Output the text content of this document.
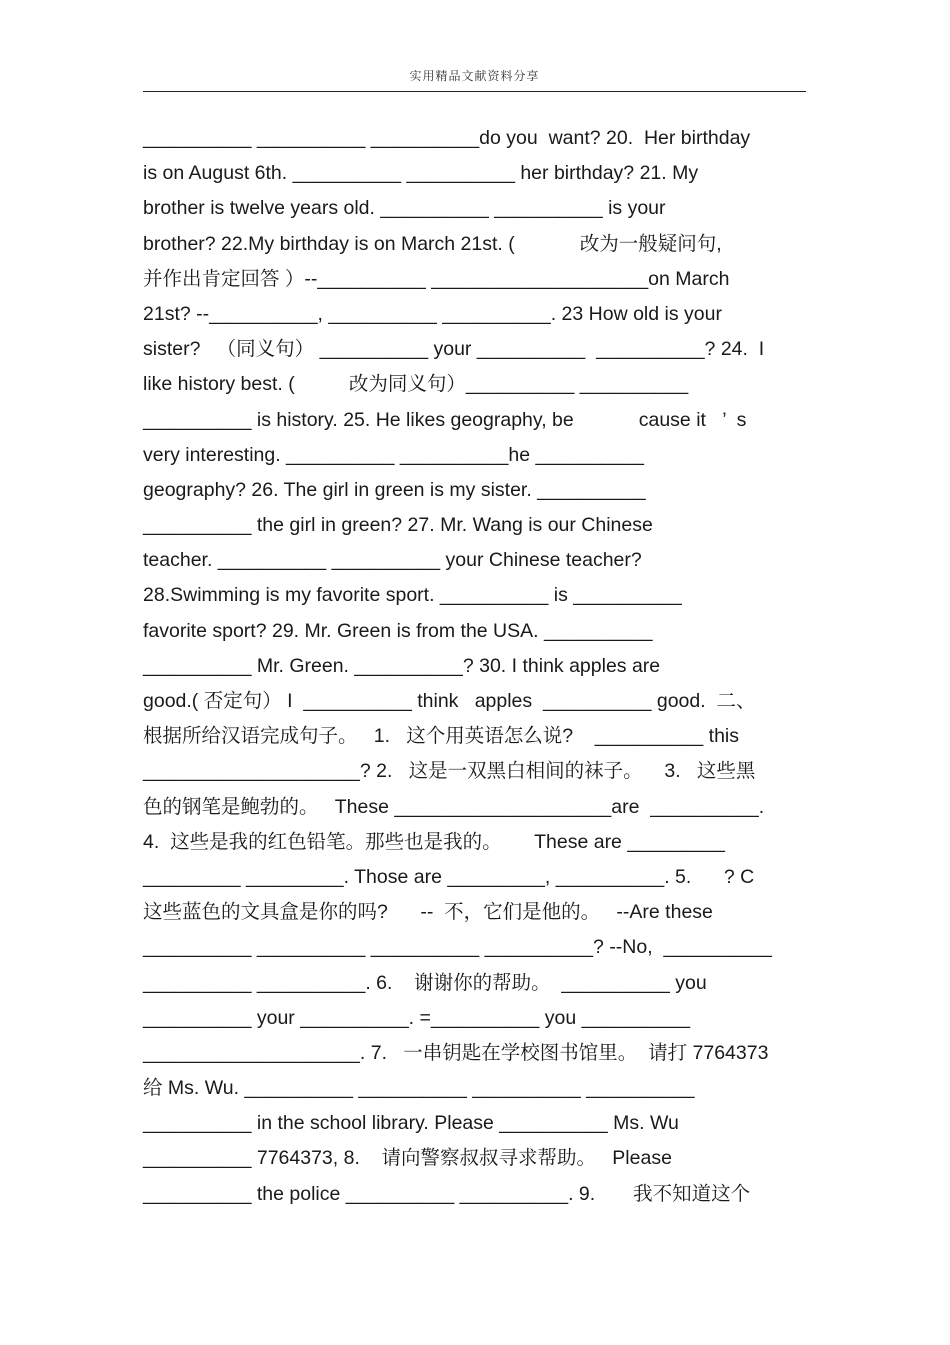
实用精品文献资料分享
__________ __________ __________do you  want? 20.  Her birthday
is on August 6th. __________ __________ her birthday? 21. My
brother is twelve years old. __________ __________ is your
brother? 22.My birthday is on March 21st. (            改为一般疑问句,
并作出肯定回答 ）--__________ ____________________on March
21st? --__________, __________ __________. 23 How old is your
sister?   （同义句） __________ your __________  __________? 24.  I
like history best. (          改为同义句）__________ __________
__________ is history. 25. He likes geography, be            cause it   ’  s
very interesting. __________ __________he __________
geography? 26. The girl in green is my sister. __________
__________ the girl in green? 27. Mr. Wang is our Chinese
teacher. __________ __________ your Chinese teacher?
28.Swimming is my favorite sport. __________ is __________
favorite sport? 29. Mr. Green is from the USA. __________
__________ Mr. Green. __________? 30. I think apples are
good.( 否定句） I  __________ think   apples  __________ good.  二、
根据所给汉语完成句子。   1.   这个用英语怎么说?    __________ this
____________________? 2.   这是一双黑白相间的袜子。    3.   这些黑
色的钢笔是鲍勃的。   These ____________________are  __________.
4.  这些是我的红色铅笔。那些也是我的。      These are _________
_________ _________. Those are _________, __________. 5.      ? C
这些蓝色的文具盒是你的吗?      --  不，它们是他的。   --Are these
__________ __________ __________ __________? --No,  __________
__________ __________. 6.    谢谢你的帮助。  __________ you
__________ your __________. =__________ you __________
____________________. 7.   一串钥匙在学校图书馆里。  请打 7764373
给 Ms. Wu. __________ __________ __________ __________
__________ in the school library. Please __________ Ms. Wu
__________ 7764373, 8.    请向警察叔叔寻求帮助。   Please
__________ the police __________ __________. 9.       我不知道这个
